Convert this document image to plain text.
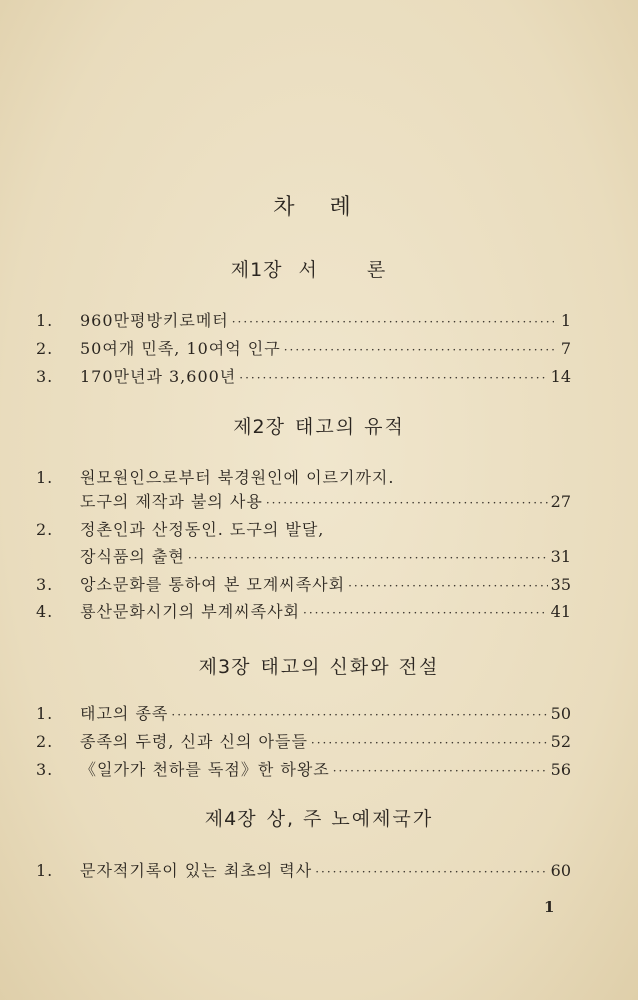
차 례
제1장 서 론
1.	960만평방키로메터 ·····	1
2.	50여개 민족, 10여억 인구 ·····	7
3.	170만년과 3,600년 ·····	14
제2장 태고의 유적
1.	원모원인으로부터 북경원인에 이르기까지.
도구의 제작과 불의 사용 ·····	27
2.	정촌인과 산정동인. 도구의 발달,
장식품의 출현 ·····	31
3.	앙소문화를 통하여 본 모계씨족사회 ·····	35
4.	룡산문화시기의 부계씨족사회 ·····	41
제3장 태고의 신화와 전설
1.	태고의 종족 ·····	50
2.	종족의 두령, 신과 신의 아들들 ·····	52
3.	《일가가 천하를 독점》한 하왕조 ·····	56
제4장 상, 주 노예제국가
1.	문자적기록이 있는 최초의 력사 ·····	60
1
